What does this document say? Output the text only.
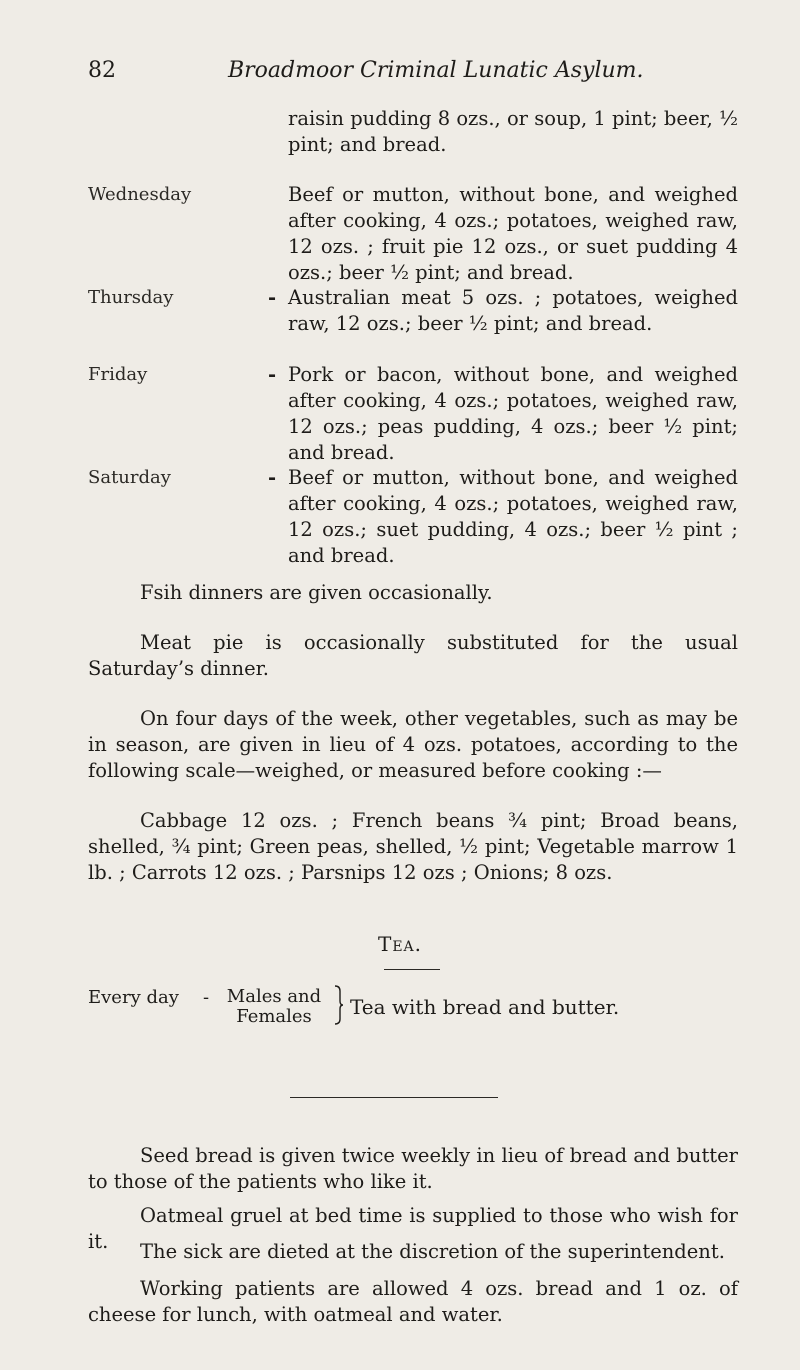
82	Broadmoor Criminal Lunatic Asylum.
raisin pudding 8 ozs., or soup, 1 pint; beer, ½ pint; and bread.
Wednesday	Beef or mutton, without bone, and weighed after cooking, 4 ozs.; potatoes, weighed raw, 12 ozs. ; fruit pie 12 ozs., or suet pudding 4 ozs.; beer ½ pint; and bread.
Thursday	- Australian meat 5 ozs. ; potatoes, weighed raw, 12 ozs.; beer ½ pint; and bread.
Friday	- Pork or bacon, without bone, and weighed after cooking, 4 ozs.; potatoes, weighed raw, 12 ozs.; peas pudding, 4 ozs.; beer ½ pint; and bread.
Saturday	- Beef or mutton, without bone, and weighed after cooking, 4 ozs.; potatoes, weighed raw, 12 ozs.; suet pudding, 4 ozs.; beer ½ pint ; and bread.
Fsih dinners are given occasionally.
Meat pie is occasionally substituted for the usual Saturday’s dinner.
On four days of the week, other vegetables, such as may be in season, are given in lieu of 4 ozs. potatoes, according to the following scale—weighed, or measured before cooking :—
Cabbage 12 ozs. ; French beans ¾ pint; Broad beans, shelled, ¾ pint; Green peas, shelled, ½ pint; Vegetable marrow 1 lb. ; Carrots 12 ozs. ; Parsnips 12 ozs ; Onions; 8 ozs.
Tea.
Every day - Males and
Females	Tea with bread and butter.
Seed bread is given twice weekly in lieu of bread and butter to those of the patients who like it.
Oatmeal gruel at bed time is supplied to those who wish for it.	The sick are dieted at the discretion of the superintendent.
Working patients are allowed 4 ozs. bread and 1 oz. of cheese for lunch, with oatmeal and water.
